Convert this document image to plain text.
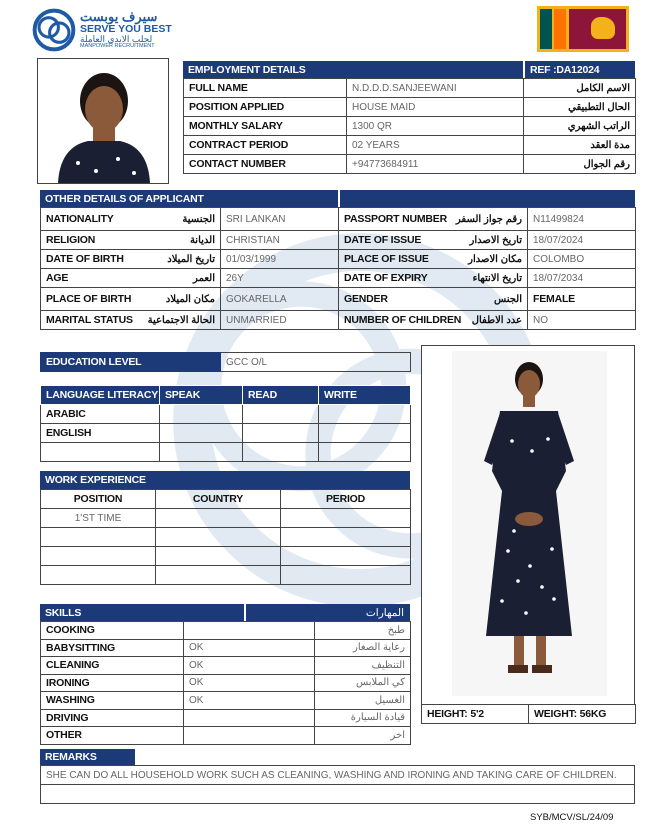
سيرف يوبست
SERVE YOU BEST
لجلب الايدي العاملة
MANPOWER RECRUITMENT
EMPLOYMENT DETAILS	REF :DA12024
FULL NAME	N.D.D.D.SANJEEWANI	الاسم الكامل
POSITION APPLIED	HOUSE MAID	الحال التطبيقي
MONTHLY SALARY	1300 QR	الراتب الشهري
CONTRACT PERIOD	02 YEARS	مدة العقد
CONTACT NUMBER	+94773684911	رقم الجوال
OTHER DETAILS OF APPLICANT
NATIONALITY الجنسية	SRI LANKAN	PASSPORT NUMBER رقم جواز السفر	N11499824

RELIGION الديانة	CHRISTIAN	DATE OF ISSUE تاريخ الاصدار	18/07/2024

DATE OF BIRTH تاريخ الميلاد	01/03/1999	PLACE OF ISSUE مكان الاصدار	COLOMBO

AGE العمر	26Y	DATE OF EXPIRY تاريخ الانتهاء	18/07/2034

PLACE OF BIRTH مكان الميلاد	GOKARELLA	GENDER الجنس	FEMALE

MARITAL STATUS الحالة الاجتماعية	UNMARRIED	NUMBER OF CHILDREN عدد الاطفال	NO
EDUCATION LEVEL	GCC O/L
LANGUAGE LITERACY	SPEAK	READ	WRITE
ARABIC			
ENGLISH			

WORK EXPERIENCE
POSITION	COUNTRY	PERIOD
1'ST TIME		

SKILLS	المهارات
COOKING		طبخ
BABYSITTING	OK	رعاية الصغار
CLEANING	OK	التنظيف
IRONING	OK	كي الملابس
WASHING	OK	الغسيل
DRIVING		قيادة السيارة
OTHER		اخر
HEIGHT: 5'2	WEIGHT: 56KG
REMARKS
SHE CAN DO ALL HOUSEHOLD WORK SUCH AS CLEANING, WASHING AND IRONING AND TAKING CARE OF CHILDREN.

SYB/MCV/SL/24/09
